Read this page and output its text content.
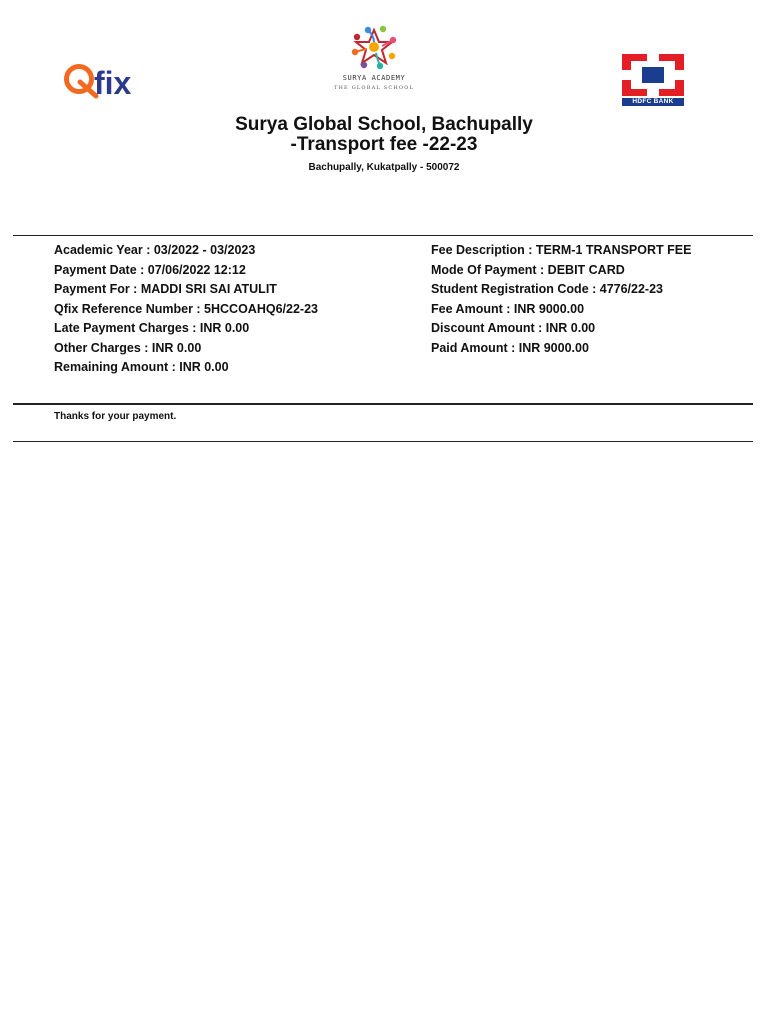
fix	SURYA ACADEMY
THE GLOBAL SCHOOL
HDFC BANK
Surya Global School, Bachupally
-Transport fee -22-23
Bachupally, Kukatpally - 500072
Academic Year : 03/2022 - 03/2023
Payment Date : 07/06/2022 12:12
Payment For : MADDI SRI SAI ATULIT
Qfix Reference Number : 5HCCOAHQ6/22-23
Late Payment Charges : INR 0.00
Other Charges : INR 0.00
Remaining Amount : INR 0.00
Fee Description : TERM-1 TRANSPORT FEE
Mode Of Payment : DEBIT CARD
Student Registration Code : 4776/22-23
Fee Amount : INR 9000.00
Discount Amount : INR 0.00
Paid Amount : INR 9000.00
Thanks for your payment.
